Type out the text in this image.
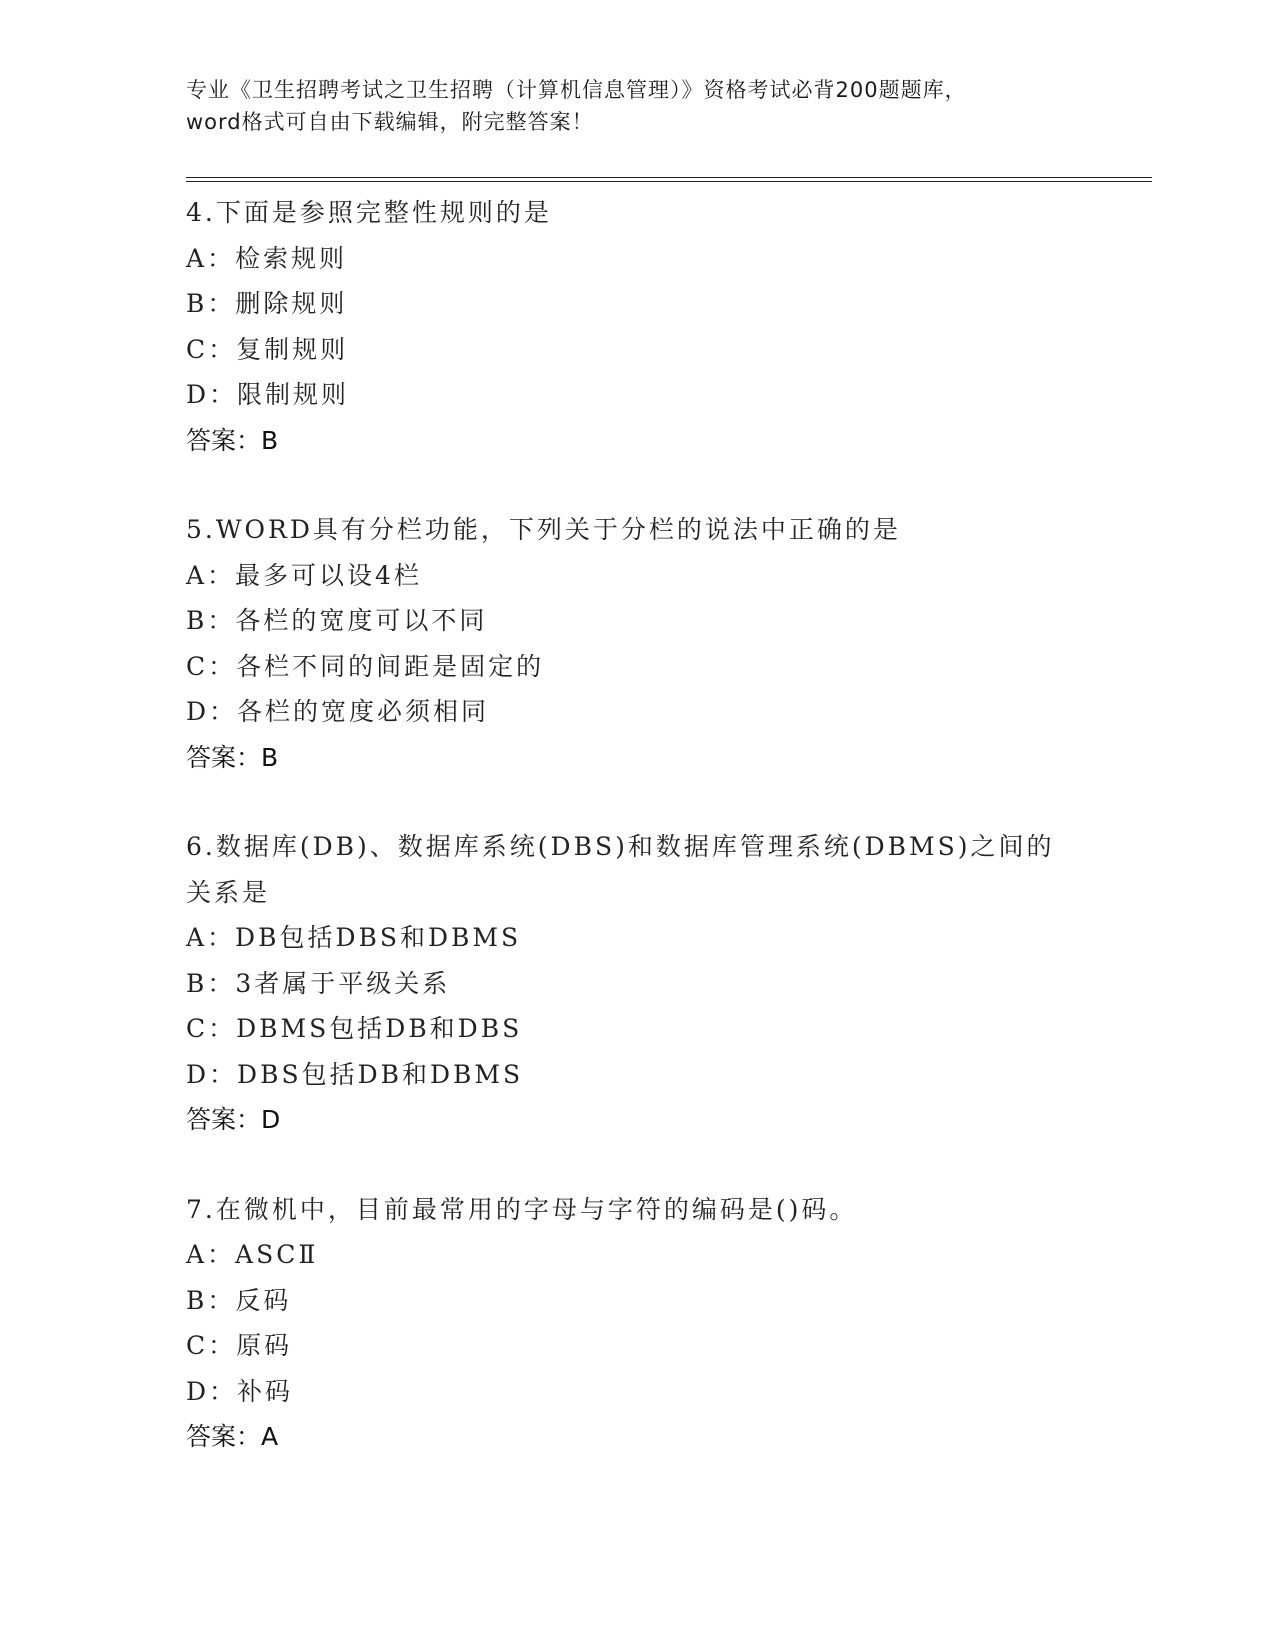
专业《卫生招聘考试之卫生招聘（计算机信息管理）》资格考试必背200题题库，

word格式可自由下载编辑，附完整答案！

4.下面是参照完整性规则的是
A：检索规则
B：删除规则
C：复制规则
D：限制规则
答案：B
5.WORD具有分栏功能，下列关于分栏的说法中正确的是
A：最多可以设4栏
B：各栏的宽度可以不同
C：各栏不同的间距是固定的
D：各栏的宽度必须相同
答案：B
6.数据库(DB)、数据库系统(DBS)和数据库管理系统(DBMS)之间的关系是
A：DB包括DBS和DBMS
B：3者属于平级关系
C：DBMS包括DB和DBS
D：DBS包括DB和DBMS
答案：D
7.在微机中，目前最常用的字母与字符的编码是()码。
A：ASCⅡ
B：反码
C：原码
D：补码
答案：A
